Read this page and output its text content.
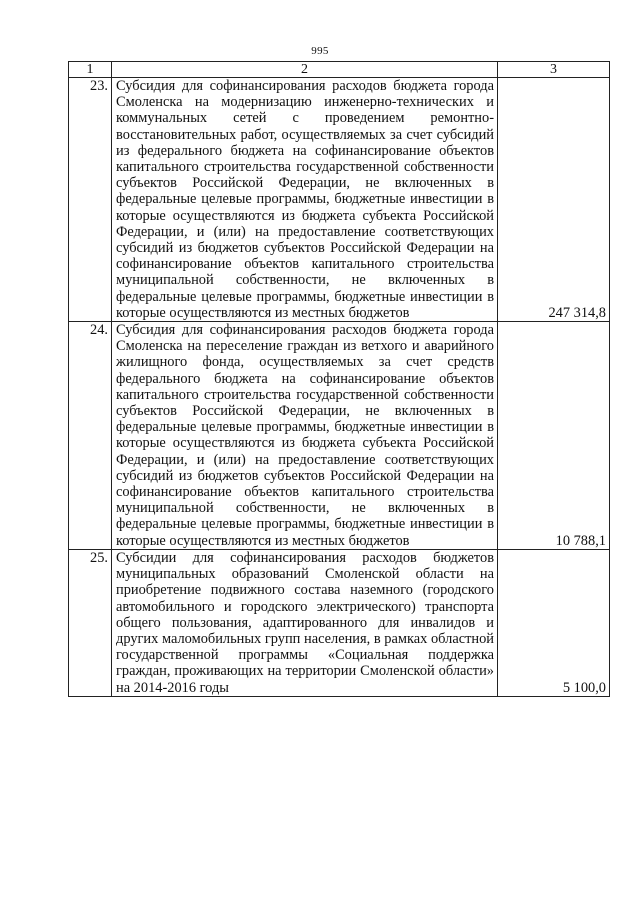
995
1	2	3
23.	Субсидия для софинансирования расходов бюджета города Смоленска на модернизацию инженерно-технических и коммунальных сетей с проведением ремонтно-восстановительных работ, осуществляемых за счет субсидий из федерального бюджета на софинансирование объектов капитального строительства государственной собственности субъектов Российской Федерации, не включенных в федеральные целевые программы, бюджетные инвестиции в которые осуществляются из бюджета субъекта Российской Федерации, и (или) на предоставление соответствующих субсидий из бюджетов субъектов Российской Федерации на софинансирование объектов капитального строительства муниципальной собственности, не включенных в федеральные целевые программы, бюджетные инвестиции в которые осуществляются из местных бюджетов	247 314,8
24.	Субсидия для софинансирования расходов бюджета города Смоленска на переселение граждан из ветхого и аварийного жилищного фонда, осуществляемых за счет средств федерального бюджета на софинансирование объектов капитального строительства государственной собственности субъектов Российской Федерации, не включенных в федеральные целевые программы, бюджетные инвестиции в которые осуществляются из бюджета субъекта Российской Федерации, и (или) на предоставление соответствующих субсидий из бюджетов субъектов Российской Федерации на софинансирование объектов капитального строительства муниципальной собственности, не включенных в федеральные целевые программы, бюджетные инвестиции в которые осуществляются из местных бюджетов	10 788,1
25.	Субсидии для софинансирования расходов бюджетов муниципальных образований Смоленской области на приобретение подвижного состава наземного (городского автомобильного и городского электрического) транспорта общего пользования, адаптированного для инвалидов и других маломобильных групп населения, в рамках областной государственной программы «Социальная поддержка граждан, проживающих на территории Смоленской области» на 2014-2016 годы	5 100,0
